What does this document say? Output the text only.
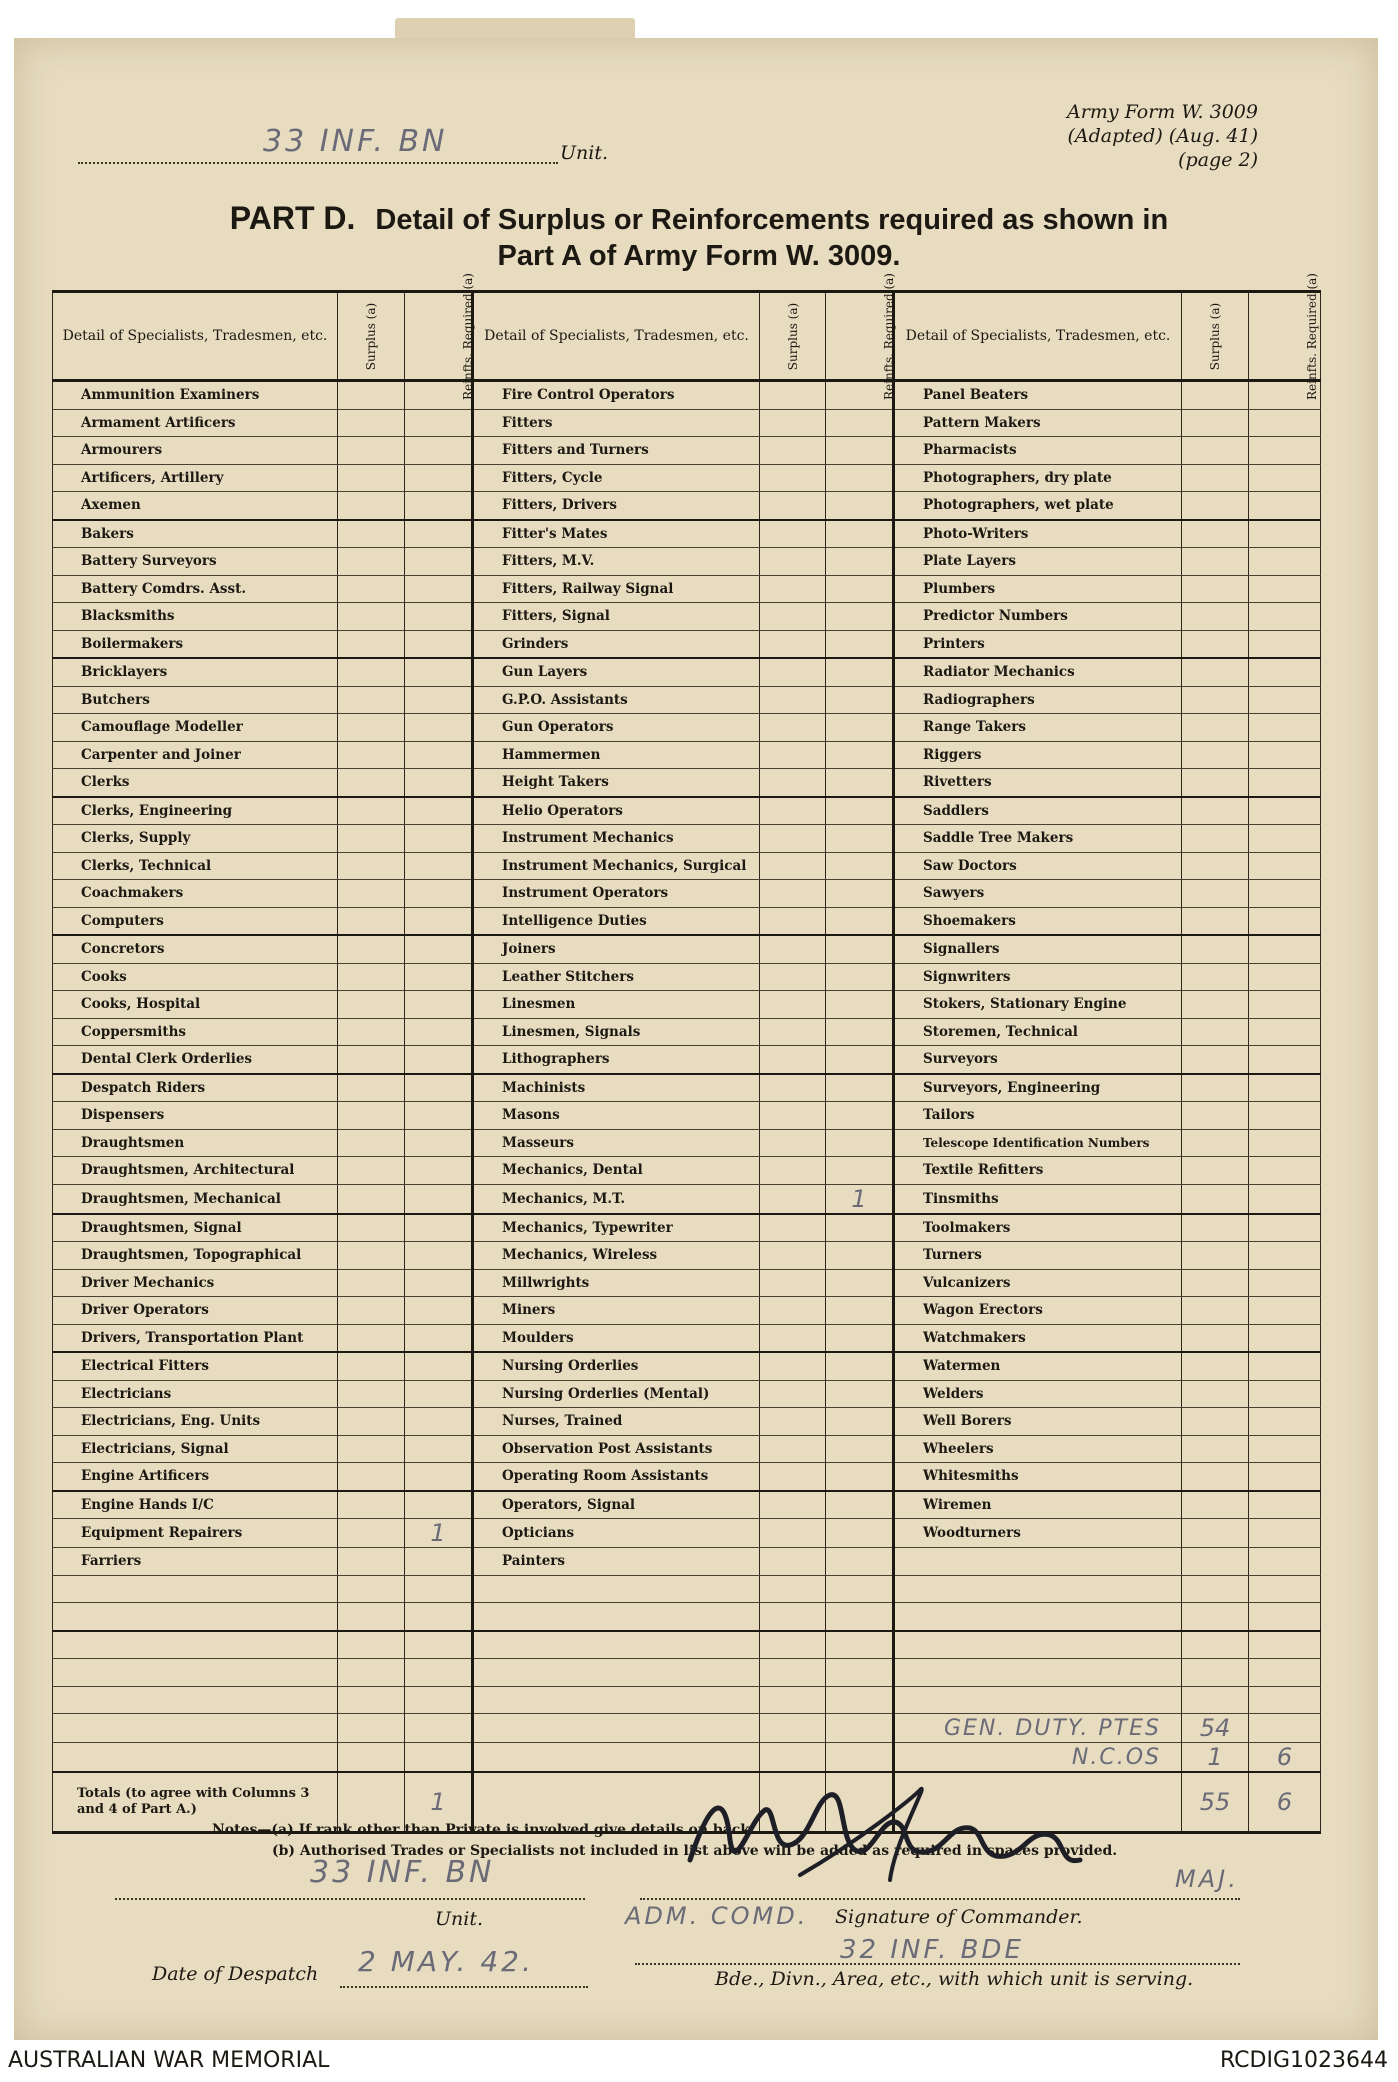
Army Form W. 3009
(Adapted) (Aug. 41)
(page 2)
33 INF. BN	Unit.
PART D. Detail of Surplus or Reinforcements required as shown in
Part A of Army Form W. 3009.
Detail of Specialists, Tradesmen, etc.	Surplus (a)	Reinfts. Required (a)	Detail of Specialists, Tradesmen, etc.	Surplus (a)	Reinfts. Required (a)	Detail of Specialists, Tradesmen, etc.	Surplus (a)	Reinfts. Required (a)
Ammunition Examiners			Fire Control Operators			Panel Beaters		
Armament Artificers			Fitters			Pattern Makers		
Armourers			Fitters and Turners			Pharmacists		
Artificers, Artillery			Fitters, Cycle			Photographers, dry plate		
Axemen			Fitters, Drivers			Photographers, wet plate		
Bakers			Fitter's Mates			Photo-Writers		
Battery Surveyors			Fitters, M.V.			Plate Layers		
Battery Comdrs. Asst.			Fitters, Railway Signal			Plumbers		
Blacksmiths			Fitters, Signal			Predictor Numbers		
Boilermakers			Grinders			Printers		
Bricklayers			Gun Layers			Radiator Mechanics		
Butchers			G.P.O. Assistants			Radiographers		
Camouflage Modeller			Gun Operators			Range Takers		
Carpenter and Joiner			Hammermen			Riggers		
Clerks			Height Takers			Rivetters		
Clerks, Engineering			Helio Operators			Saddlers		
Clerks, Supply			Instrument Mechanics			Saddle Tree Makers		
Clerks, Technical			Instrument Mechanics, Surgical			Saw Doctors		
Coachmakers			Instrument Operators			Sawyers		
Computers			Intelligence Duties			Shoemakers		
Concretors			Joiners			Signallers		
Cooks			Leather Stitchers			Signwriters		
Cooks, Hospital			Linesmen			Stokers, Stationary Engine		
Coppersmiths			Linesmen, Signals			Storemen, Technical		
Dental Clerk Orderlies			Lithographers			Surveyors		
Despatch Riders			Machinists			Surveyors, Engineering		
Dispensers			Masons			Tailors		
Draughtsmen			Masseurs			Telescope Identification Numbers		
Draughtsmen, Architectural			Mechanics, Dental			Textile Refitters		
Draughtsmen, Mechanical			Mechanics, M.T.		1	Tinsmiths		
Draughtsmen, Signal			Mechanics, Typewriter			Toolmakers		
Draughtsmen, Topographical			Mechanics, Wireless			Turners		
Driver Mechanics			Millwrights			Vulcanizers		
Driver Operators			Miners			Wagon Erectors		
Drivers, Transportation Plant			Moulders			Watchmakers		
Electrical Fitters			Nursing Orderlies			Watermen		
Electricians			Nursing Orderlies (Mental)			Welders		
Electricians, Eng. Units			Nurses, Trained			Well Borers		
Electricians, Signal			Observation Post Assistants			Wheelers		
Engine Artificers			Operating Room Assistants			Whitesmiths		
Engine Hands I/C			Operators, Signal			Wiremen		
Equipment Repairers		1	Opticians			Woodturners		
Farriers			Painters					

						GEN. DUTY. PTES	54	
						N.C.OS	1	6
Totals (to agree with Columns 3 and 4 of Part A.)		1					55	6
Notes—(a) If rank other than Private is involved give details on back.
(b) Authorised Trades or Specialists not included in list above will be added as required in spaces provided.
33 INF. BN
Unit.
MAJ.
ADM. COMD. Signature of Commander.
32 INF. BDE
Bde., Divn., Area, etc., with which unit is serving.
Date of Despatch 2 MAY. 42.
AUSTRALIAN WAR MEMORIAL	RCDIG1023644
